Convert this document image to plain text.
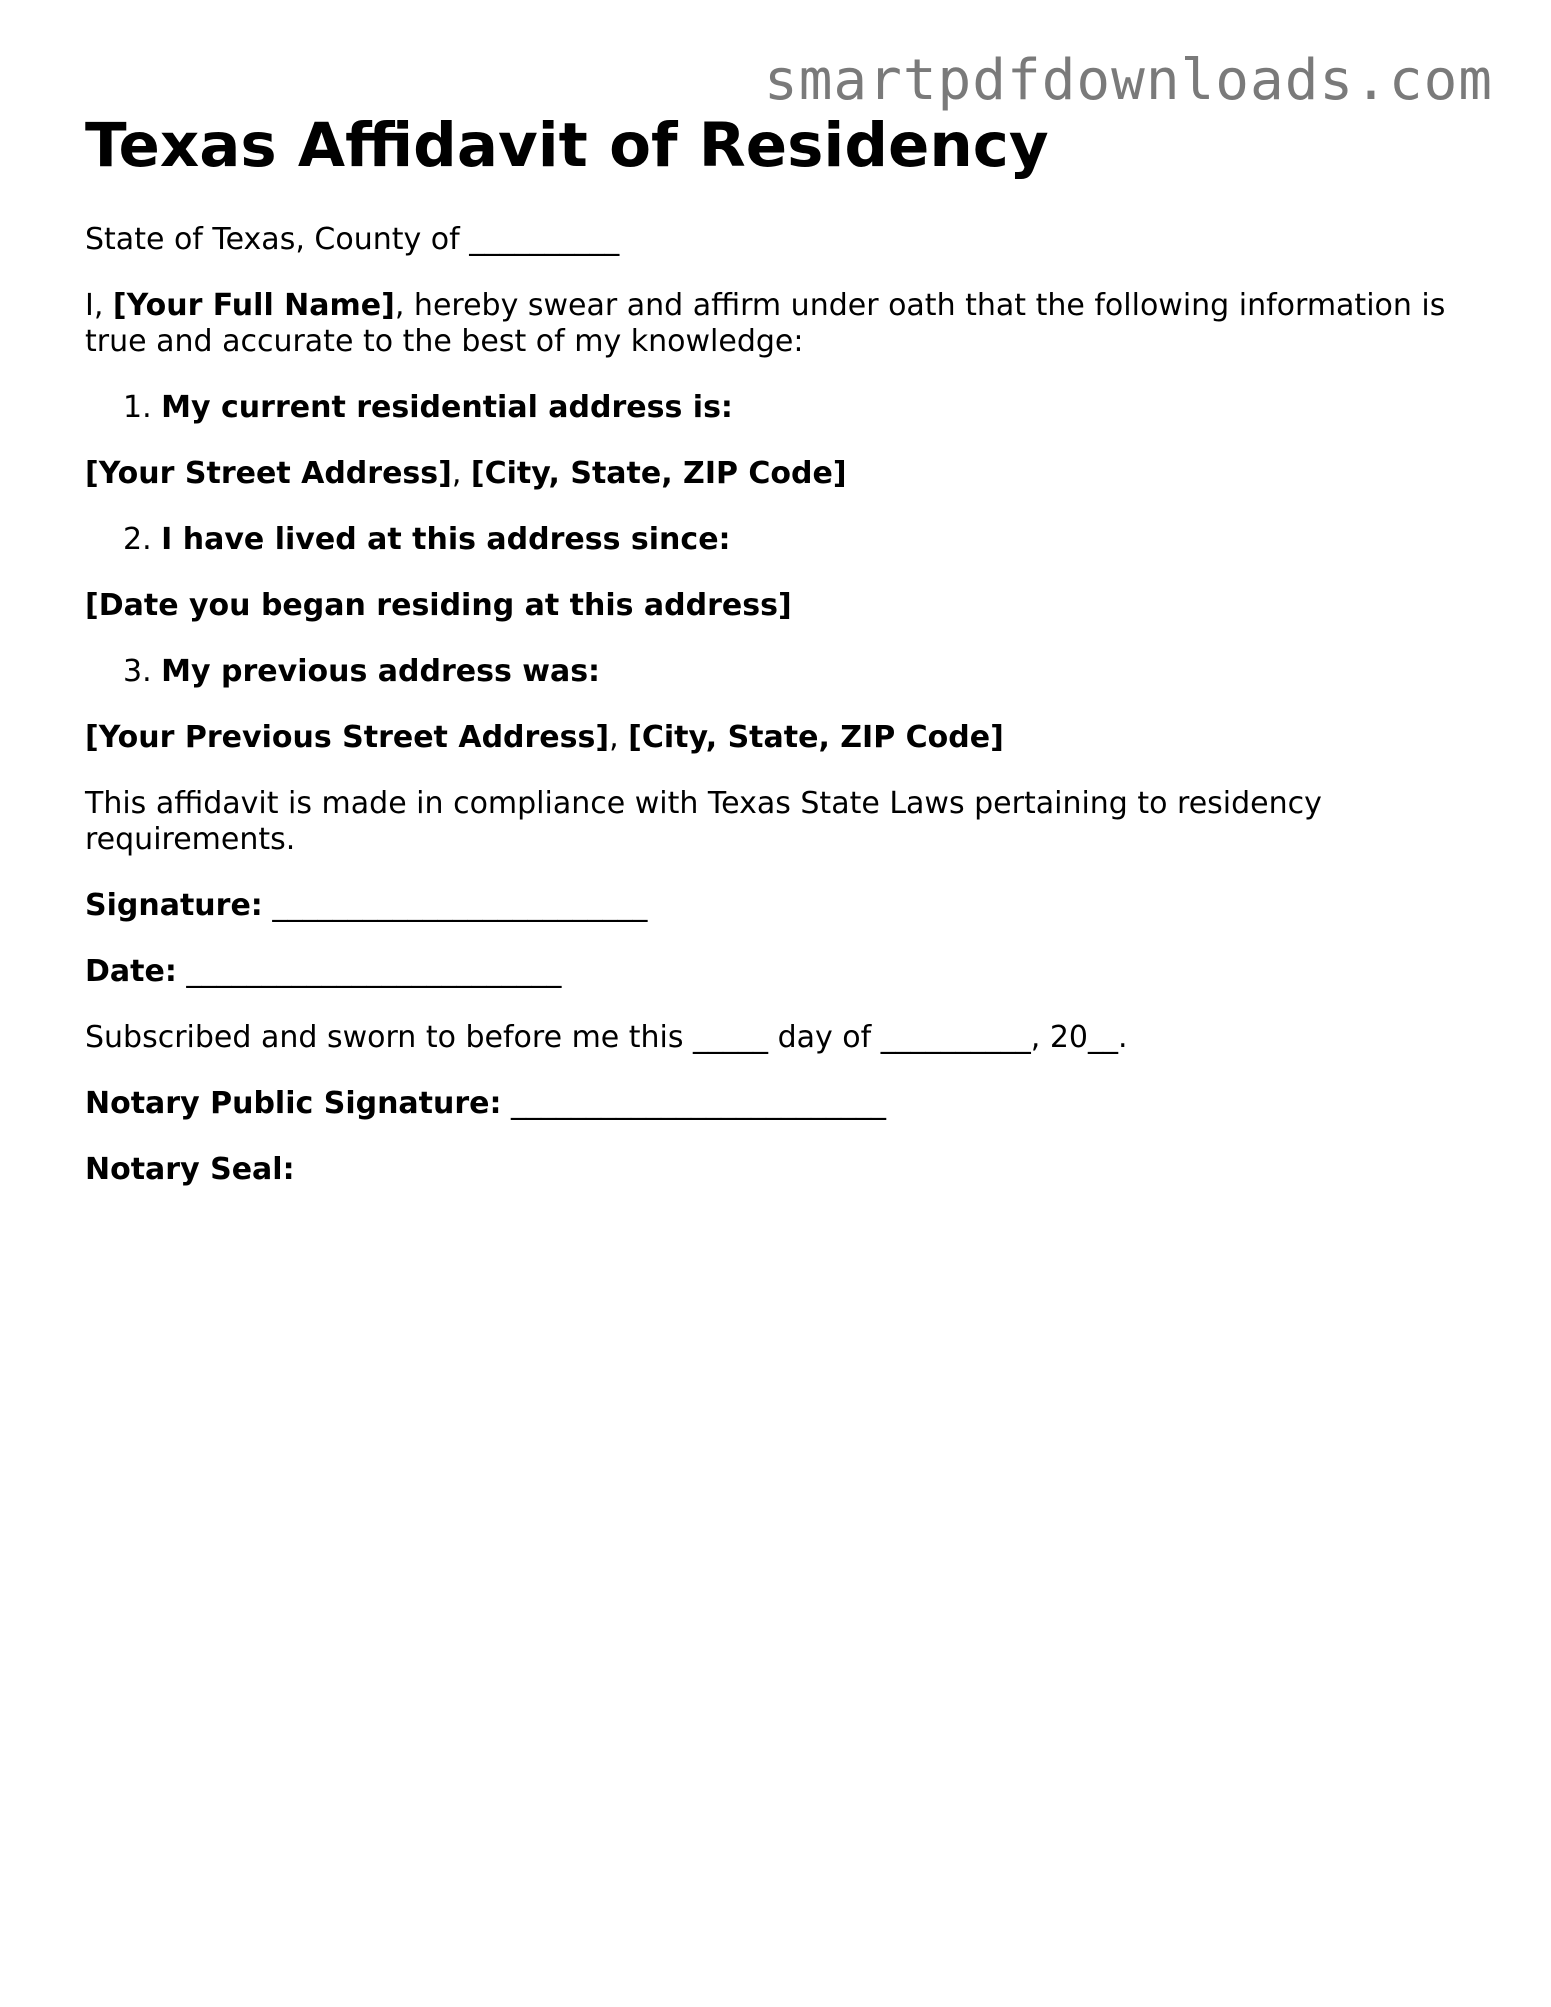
smartpdfdownloads.com
Texas Affidavit of Residency

State of Texas, County of __________

I, [Your Full Name], hereby swear and affirm under oath that the following information is true and accurate to the best of my knowledge:

1. My current residential address is:

[Your Street Address], [City, State, ZIP Code]

2. I have lived at this address since:

[Date you began residing at this address]

3. My previous address was:

[Your Previous Street Address], [City, State, ZIP Code]

This affidavit is made in compliance with Texas State Laws pertaining to residency requirements.

Signature: _________________________

Date: _________________________

Subscribed and sworn to before me this _____ day of __________, 20__.

Notary Public Signature: _________________________

Notary Seal:
